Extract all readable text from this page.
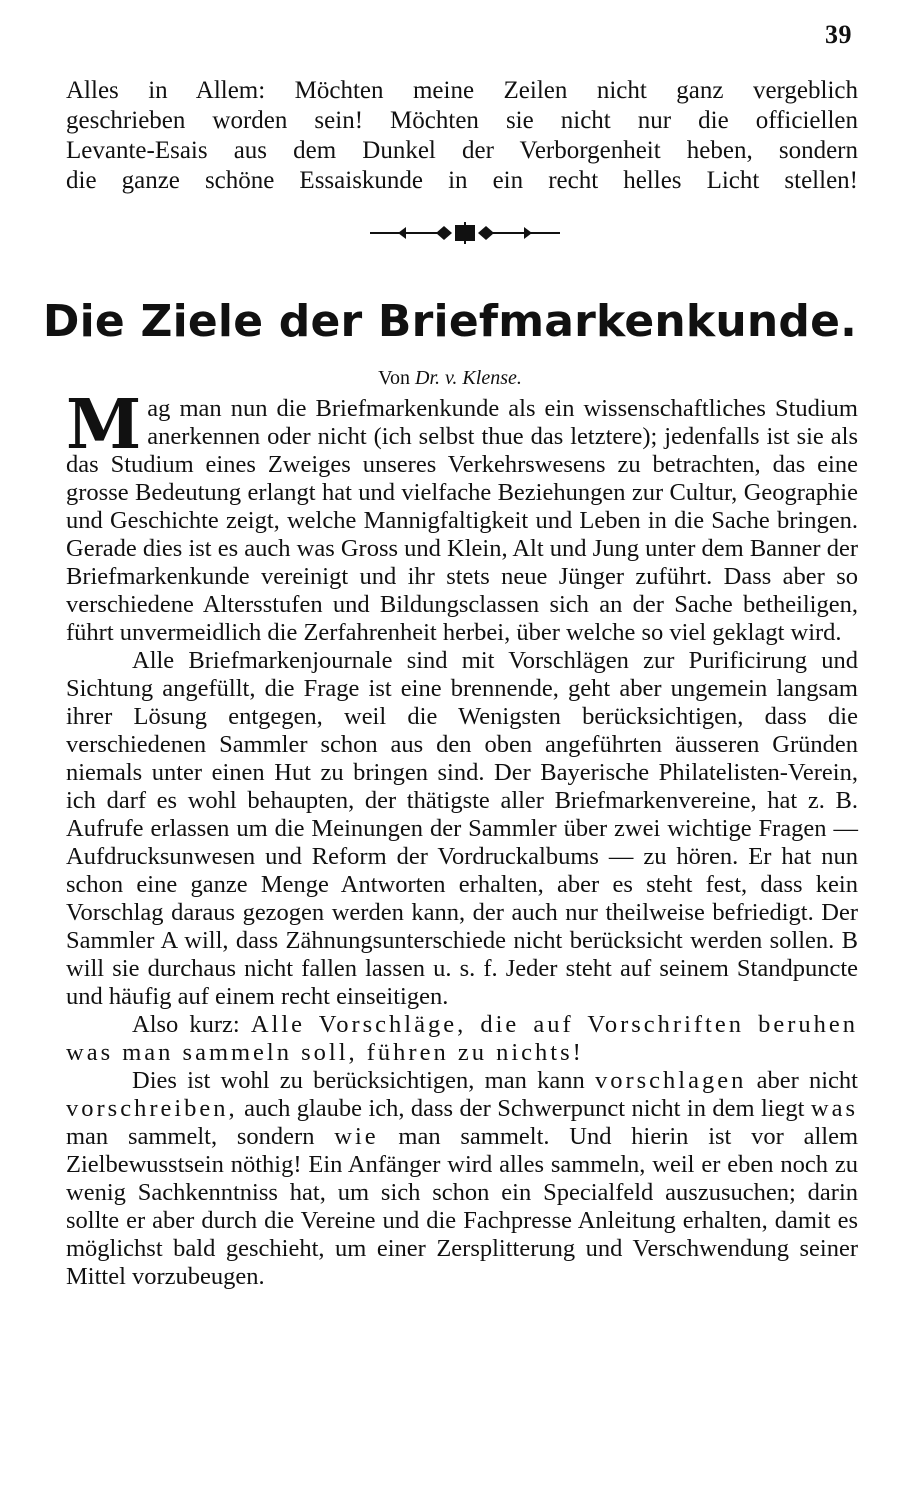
39

Alles in Allem: Möchten meine Zeilen nicht ganz vergeblich

geschrieben worden sein! Möchten sie nicht nur die officiellen

Levante-Esais aus dem Dunkel der Verborgenheit heben, sondern

die ganze schöne Essaiskunde in ein recht helles Licht stellen!

Die Ziele der Briefmarkenkunde.
Von Dr. v. Klense.

Mag man nun die Briefmarkenkunde als ein wissenschaftliches Studium anerkennen oder nicht (ich selbst thue das letztere); jedenfalls ist sie als das Studium eines Zweiges unseres Verkehrswesens zu betrachten, das eine grosse Bedeutung erlangt hat und vielfache Beziehungen zur Cultur, Geographie und Geschichte zeigt, welche Mannigfaltigkeit und Leben in die Sache bringen. Gerade dies ist es auch was Gross und Klein, Alt und Jung unter dem Banner der Briefmarkenkunde vereinigt und ihr stets neue Jünger zuführt. Dass aber so verschiedene Altersstufen und Bildungsclassen sich an der Sache betheiligen, führt unvermeidlich die Zerfahrenheit herbei, über welche so viel geklagt wird.

Alle Briefmarkenjournale sind mit Vorschlägen zur Purificirung und Sichtung angefüllt, die Frage ist eine brennende, geht aber ungemein langsam ihrer Lösung entgegen, weil die Wenigsten berücksichtigen, dass die verschiedenen Sammler schon aus den oben angeführten äusseren Gründen niemals unter einen Hut zu bringen sind. Der Bayerische Philatelisten-Verein, ich darf es wohl behaupten, der thätigste aller Briefmarkenvereine, hat z. B. Aufrufe erlassen um die Meinungen der Sammler über zwei wichtige Fragen — Aufdrucksunwesen und Reform der Vordruckalbums — zu hören. Er hat nun schon eine ganze Menge Antworten erhalten, aber es steht fest, dass kein Vorschlag daraus gezogen werden kann, der auch nur theilweise befriedigt. Der Sammler A will, dass Zähnungsunterschiede nicht berücksicht werden sollen. B will sie durchaus nicht fallen lassen u. s. f. Jeder steht auf seinem Standpuncte und häufig auf einem recht einseitigen.

Also kurz: Alle Vorschläge, die auf Vorschriften beruhen was man sammeln soll, führen zu nichts!

Dies ist wohl zu berücksichtigen, man kann vorschlagen aber nicht vorschreiben, auch glaube ich, dass der Schwerpunct nicht in dem liegt was man sammelt, sondern wie man sammelt. Und hierin ist vor allem Zielbewusstsein nöthig! Ein Anfänger wird alles sammeln, weil er eben noch zu wenig Sachkenntniss hat, um sich schon ein Specialfeld auszusuchen; darin sollte er aber durch die Vereine und die Fachpresse Anleitung erhalten, damit es möglichst bald geschieht, um einer Zersplitterung und Verschwendung seiner Mittel vorzubeugen.
